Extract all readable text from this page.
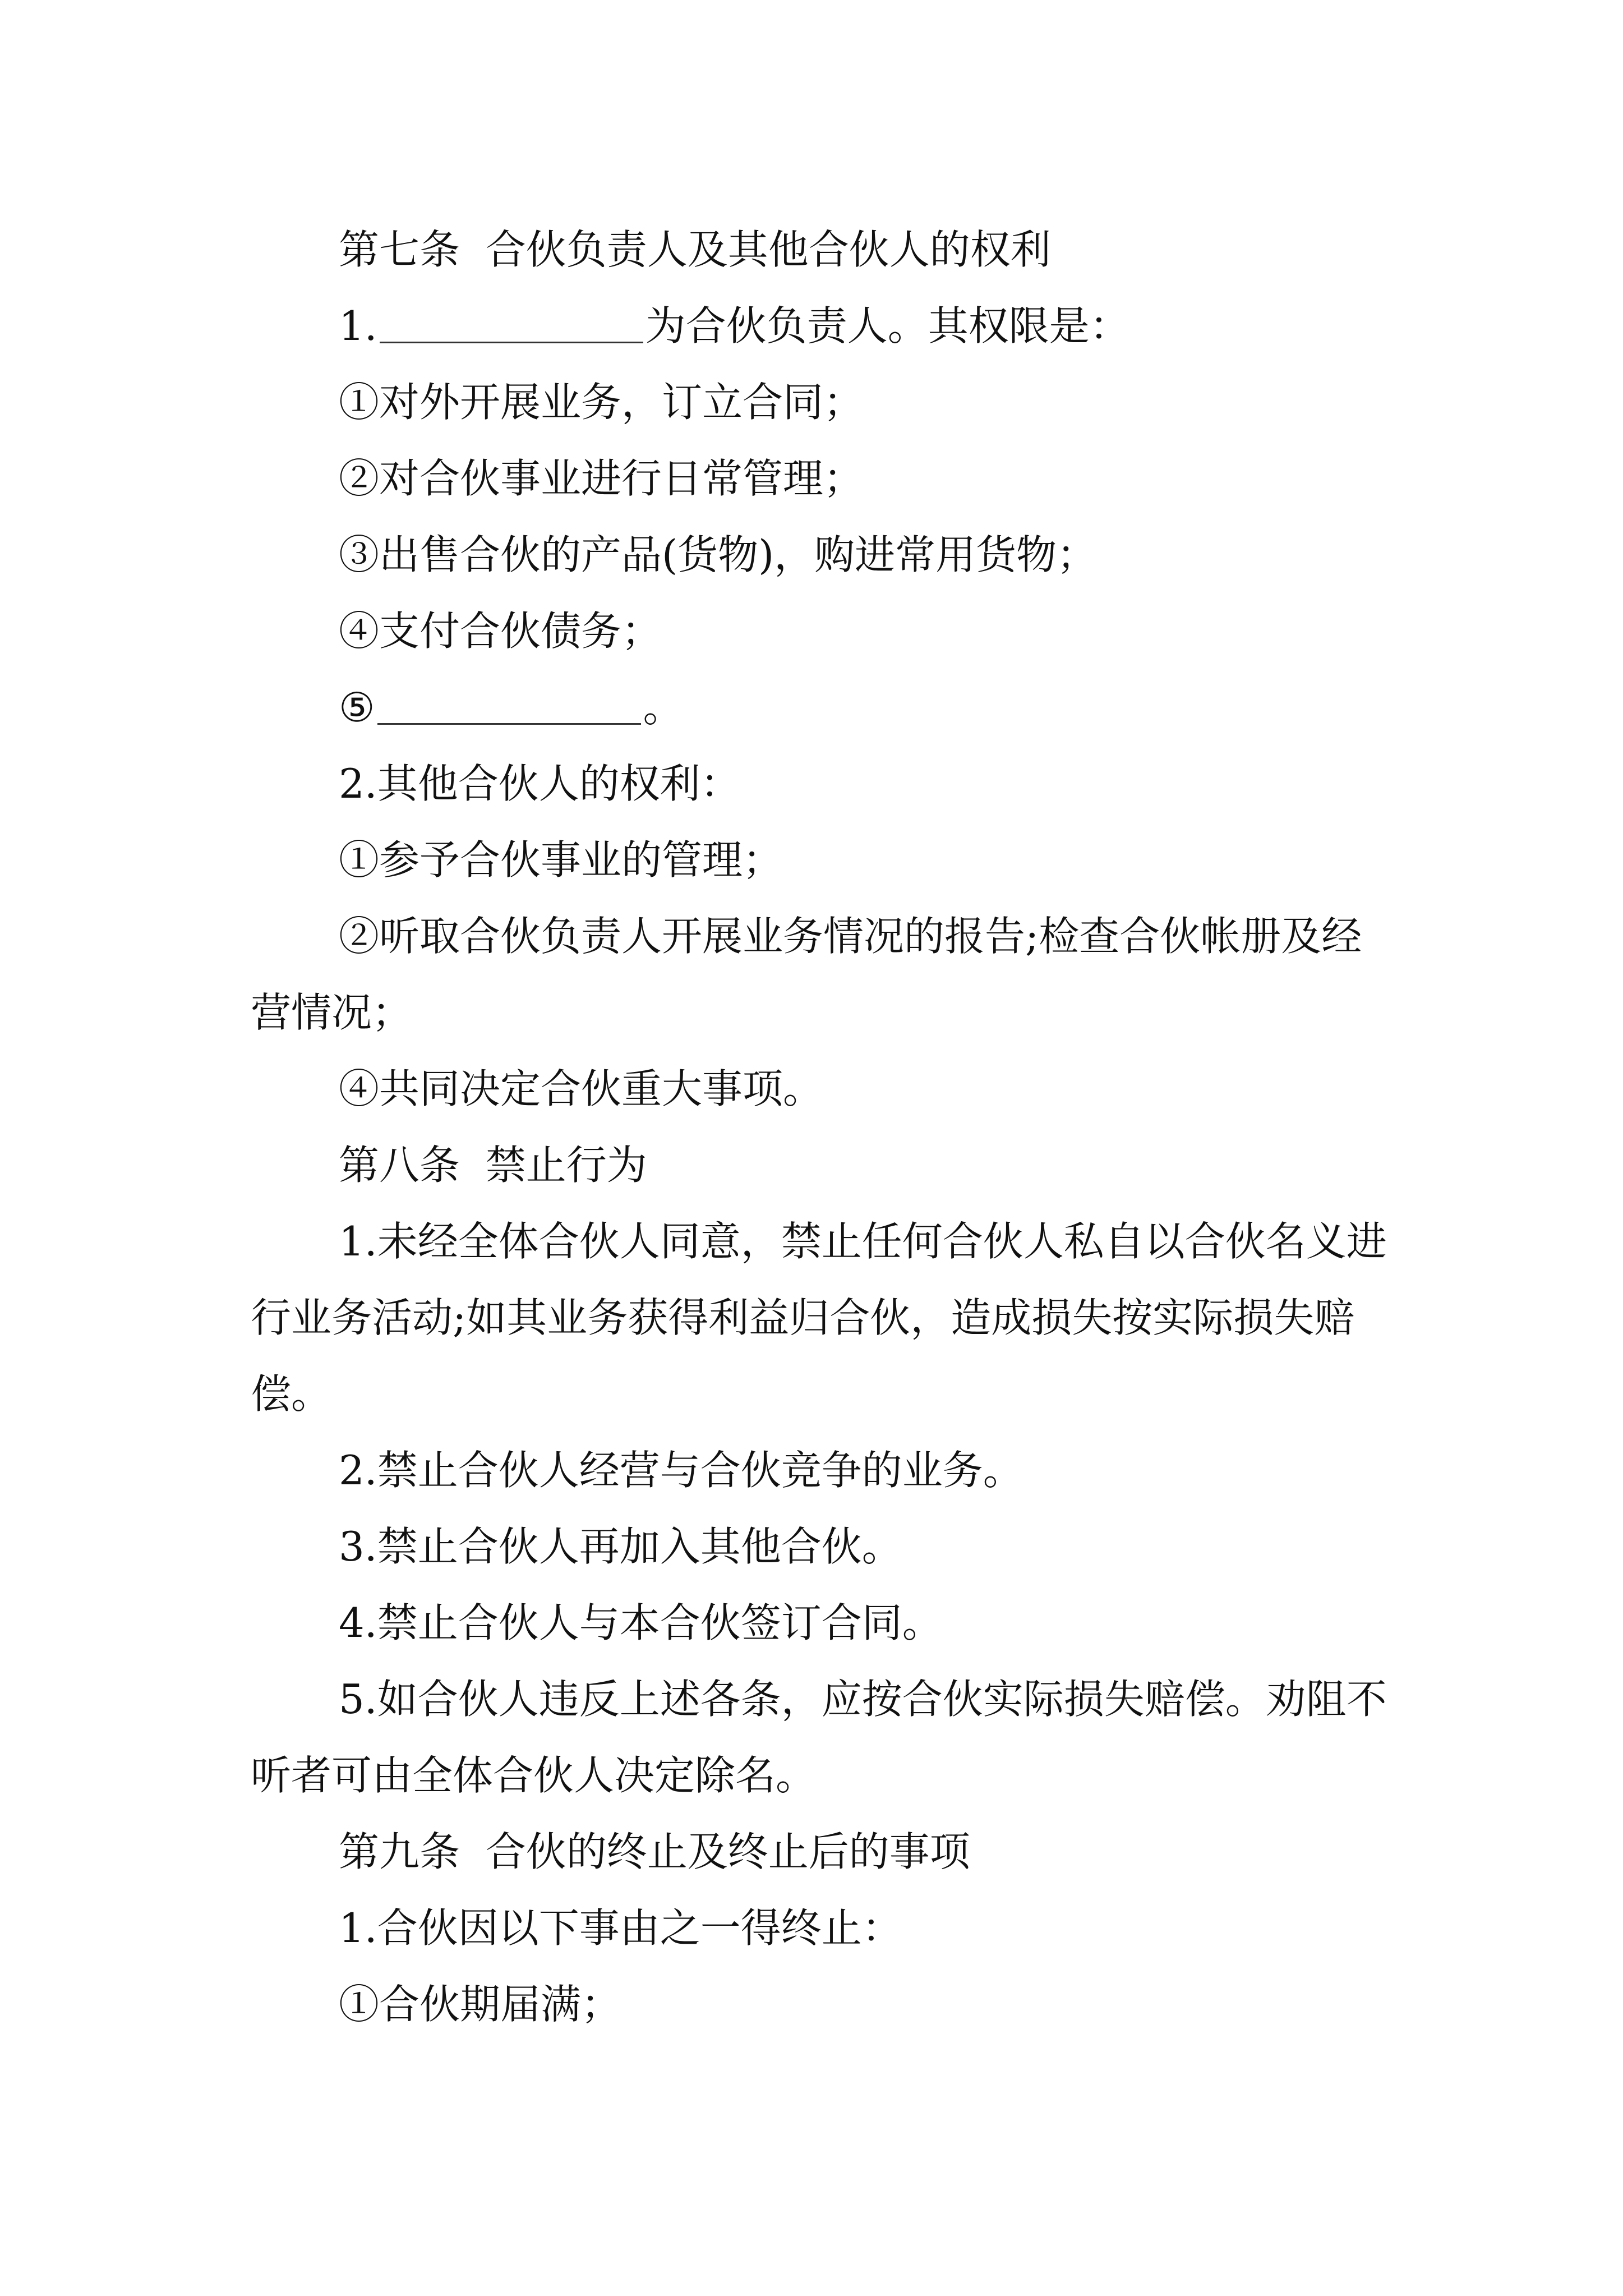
第七条  合伙负责人及其他合伙人的权利

1.	为合伙负责人。其权限是：

①对外开展业务，订立合同；

②对合伙事业进行日常管理；

③出售合伙的产品(货物)，购进常用货物；

④支付合伙债务；

⑤	。

2.其他合伙人的权利：

①参予合伙事业的管理；

②听取合伙负责人开展业务情况的报告;检查合伙帐册及经营情况；

④共同决定合伙重大事项。

第八条  禁止行为

1.未经全体合伙人同意，禁止任何合伙人私自以合伙名义进行业务活动;如其业务获得利益归合伙，造成损失按实际损失赔偿。

2.禁止合伙人经营与合伙竞争的业务。

3.禁止合伙人再加入其他合伙。

4.禁止合伙人与本合伙签订合同。

5.如合伙人违反上述各条，应按合伙实际损失赔偿。劝阻不听者可由全体合伙人决定除名。

第九条  合伙的终止及终止后的事项

1.合伙因以下事由之一得终止：

①合伙期届满；
